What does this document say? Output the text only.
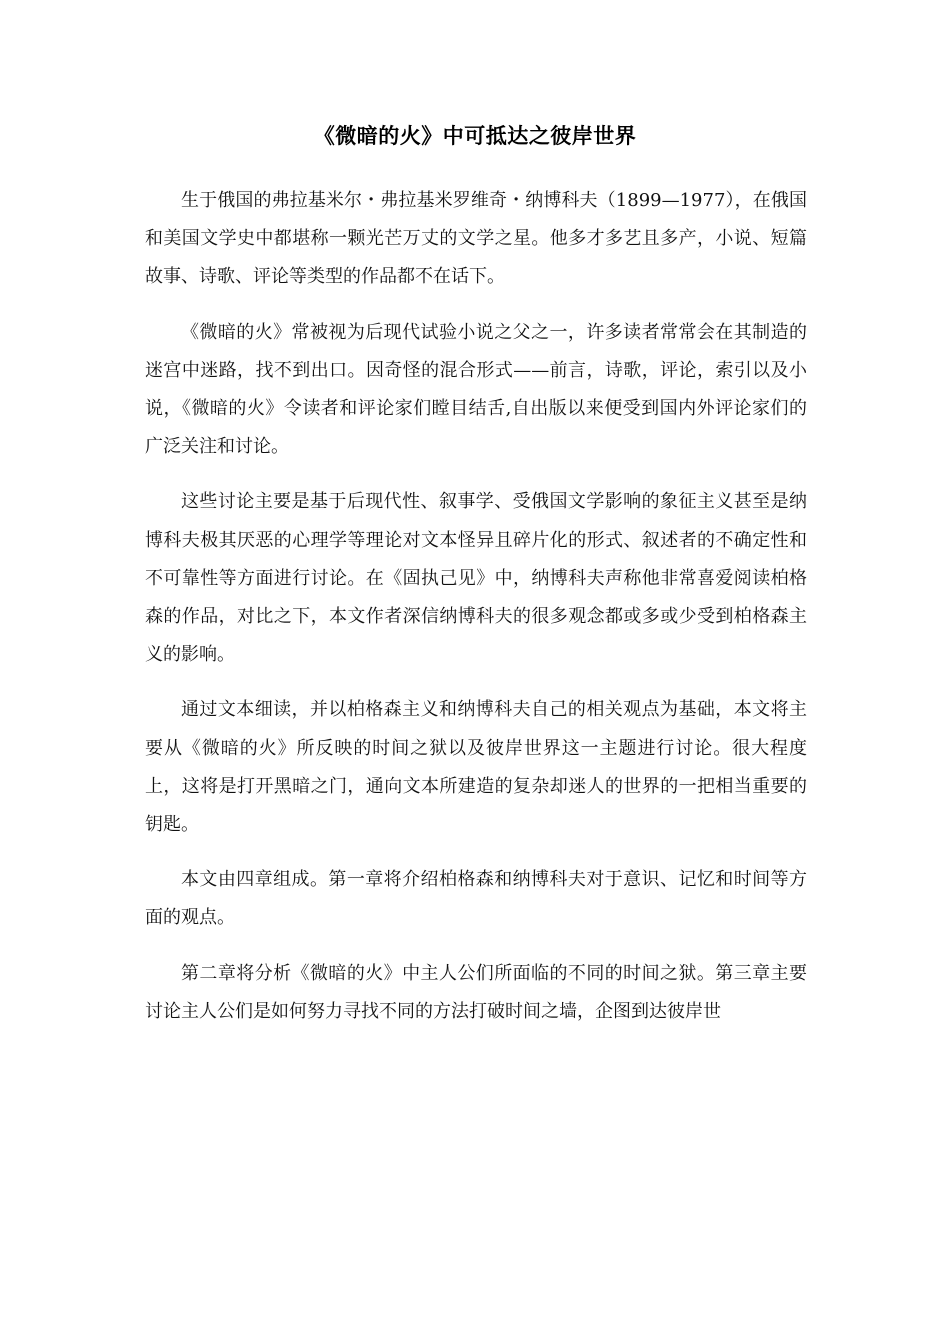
《微暗的火》中可抵达之彼岸世界

生于俄国的弗拉基米尔・弗拉基米罗维奇・纳博科夫（1899—1977），在俄国和美国文学史中都堪称一颗光芒万丈的文学之星。他多才多艺且多产，小说、短篇故事、诗歌、评论等类型的作品都不在话下。

《微暗的火》常被视为后现代试验小说之父之一，许多读者常常会在其制造的迷宫中迷路，找不到出口。因奇怪的混合形式——前言，诗歌，评论，索引以及小说，《微暗的火》令读者和评论家们瞠目结舌,自出版以来便受到国内外评论家们的广泛关注和讨论。

这些讨论主要是基于后现代性、叙事学、受俄国文学影响的象征主义甚至是纳博科夫极其厌恶的心理学等理论对文本怪异且碎片化的形式、叙述者的不确定性和不可靠性等方面进行讨论。在《固执己见》中，纳博科夫声称他非常喜爱阅读柏格森的作品，对比之下，本文作者深信纳博科夫的很多观念都或多或少受到柏格森主义的影响。

通过文本细读，并以柏格森主义和纳博科夫自己的相关观点为基础，本文将主要从《微暗的火》所反映的时间之狱以及彼岸世界这一主题进行讨论。很大程度上，这将是打开黑暗之门，通向文本所建造的复杂却迷人的世界的一把相当重要的钥匙。

本文由四章组成。第一章将介绍柏格森和纳博科夫对于意识、记忆和时间等方面的观点。

第二章将分析《微暗的火》中主人公们所面临的不同的时间之狱。第三章主要讨论主人公们是如何努力寻找不同的方法打破时间之墙，企图到达彼岸世
